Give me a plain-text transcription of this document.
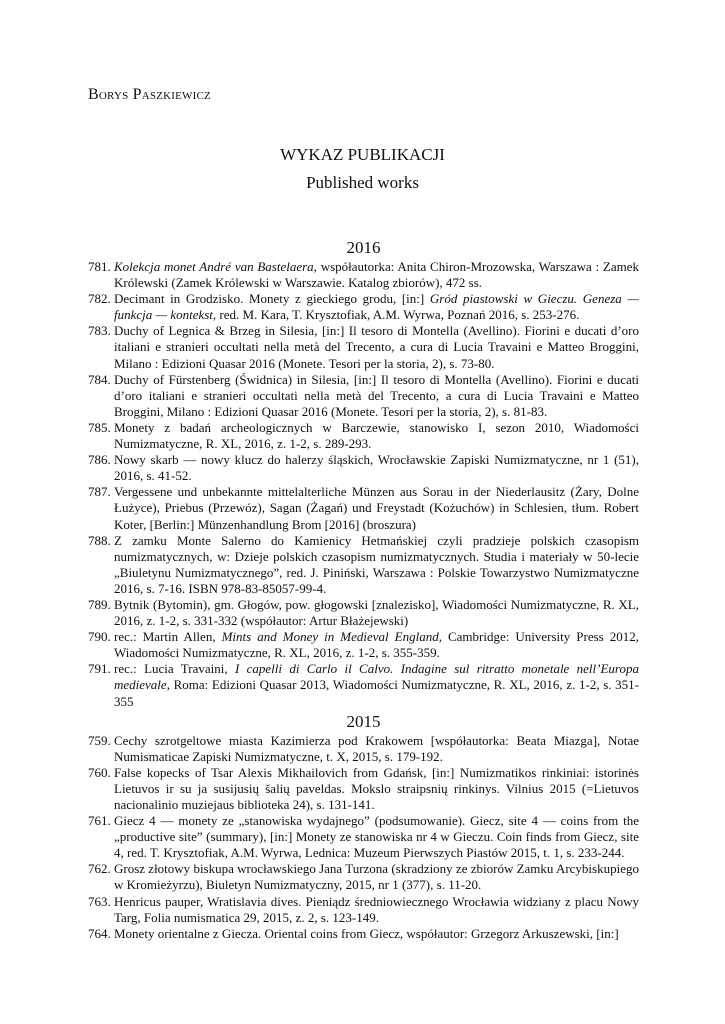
Borys Paszkiewicz
WYKAZ PUBLIKACJI
Published works
2016
781. Kolekcja monet André van Bastelaera, współautorka: Anita Chiron-Mrozowska, Warszawa : Zamek Królewski (Zamek Królewski w Warszawie. Katalog zbiorów), 472 ss.
782. Decimant in Grodzisko. Monety z gieckiego grodu, [in:] Gród piastowski w Gieczu. Geneza — funkcja — kontekst, red. M. Kara, T. Krysztofiak, A.M. Wyrwa, Poznań 2016, s. 253-276.
783. Duchy of Legnica & Brzeg in Silesia, [in:] Il tesoro di Montella (Avellino). Fiorini e ducati d’oro italiani e stranieri occultati nella metà del Trecento, a cura di Lucia Travaini e Matteo Broggini, Milano : Edizioni Quasar 2016 (Monete. Tesori per la storia, 2), s. 73-80.
784. Duchy of Fürstenberg (Świdnica) in Silesia, [in:] Il tesoro di Montella (Avellino). Fiorini e ducati d’oro italiani e stranieri occultati nella metà del Trecento, a cura di Lucia Travaini e Matteo Broggini, Milano : Edizioni Quasar 2016 (Monete. Tesori per la storia, 2), s. 81-83.
785. Monety z badań archeologicznych w Barczewie, stanowisko I, sezon 2010, Wiadomości Numizmatyczne, R. XL, 2016, z. 1-2, s. 289-293.
786. Nowy skarb — nowy klucz do halerzy śląskich, Wrocławskie Zapiski Numizmatyczne, nr 1 (51), 2016, s. 41-52.
787. Vergessene und unbekannte mittelalterliche Münzen aus Sorau in der Niederlausitz (Żary, Dolne Łużyce), Priebus (Przewóz), Sagan (Żagań) und Freystadt (Kożuchów) in Schlesien, tłum. Robert Koter, [Berlin:] Münzenhandlung Brom [2016] (broszura)
788. Z zamku Monte Salerno do Kamienicy Hetmańskiej czyli pradzieje polskich czasopism numizmatycznych, w: Dzieje polskich czasopism numizmatycznych. Studia i materiały w 50-lecie „Biuletynu Numizmatycznego”, red. J. Piniński, Warszawa : Polskie Towarzystwo Numizmatyczne 2016, s. 7-16. ISBN 978-83-85057-99-4.
789. Bytnik (Bytomin), gm. Głogów, pow. głogowski [znalezisko], Wiadomości Numizmatyczne, R. XL, 2016, z. 1-2, s. 331-332 (współautor: Artur Błażejewski)
790. rec.: Martin Allen, Mints and Money in Medieval England, Cambridge: University Press 2012, Wiadomości Numizmatyczne, R. XL, 2016, z. 1-2, s. 355-359.
791. rec.: Lucia Travaini, I capelli di Carlo il Calvo. Indagine sul ritratto monetale nell’Europa medievale, Roma: Edizioni Quasar 2013, Wiadomości Numizmatyczne, R. XL, 2016, z. 1-2, s. 351-355
2015
759. Cechy szrotgeltowe miasta Kazimierza pod Krakowem [współautorka: Beata Miazga], Notae Numismaticae Zapiski Numizmatyczne, t. X, 2015, s. 179-192.
760. False kopecks of Tsar Alexis Mikhailovich from Gdańsk, [in:] Numizmatikos rinkiniai: istorinės Lietuvos ir su ja susijusių šalių paveldas. Mokslo straipsnių rinkinys. Vilnius 2015 (=Lietuvos nacionalinio muziejaus biblioteka 24), s. 131-141.
761. Giecz 4 — monety ze „stanowiska wydajnego” (podsumowanie). Giecz, site 4 — coins from the „productive site” (summary), [in:] Monety ze stanowiska nr 4 w Gieczu. Coin finds from Giecz, site 4, red. T. Krysztofiak, A.M. Wyrwa, Lednica: Muzeum Pierwszych Piastów 2015, t. 1, s. 233-244.
762. Grosz złotowy biskupa wrocławskiego Jana Turzona (skradziony ze zbiorów Zamku Arcybiskupiego w Kromieżyrzu), Biuletyn Numizmatyczny, 2015, nr 1 (377), s. 11-20.
763. Henricus pauper, Wratislavia dives. Pieniądz średniowiecznego Wrocławia widziany z placu Nowy Targ, Folia numismatica 29, 2015, z. 2, s. 123-149.
764. Monety orientalne z Giecza. Oriental coins from Giecz, współautor: Grzegorz Arkuszewski, [in:]
